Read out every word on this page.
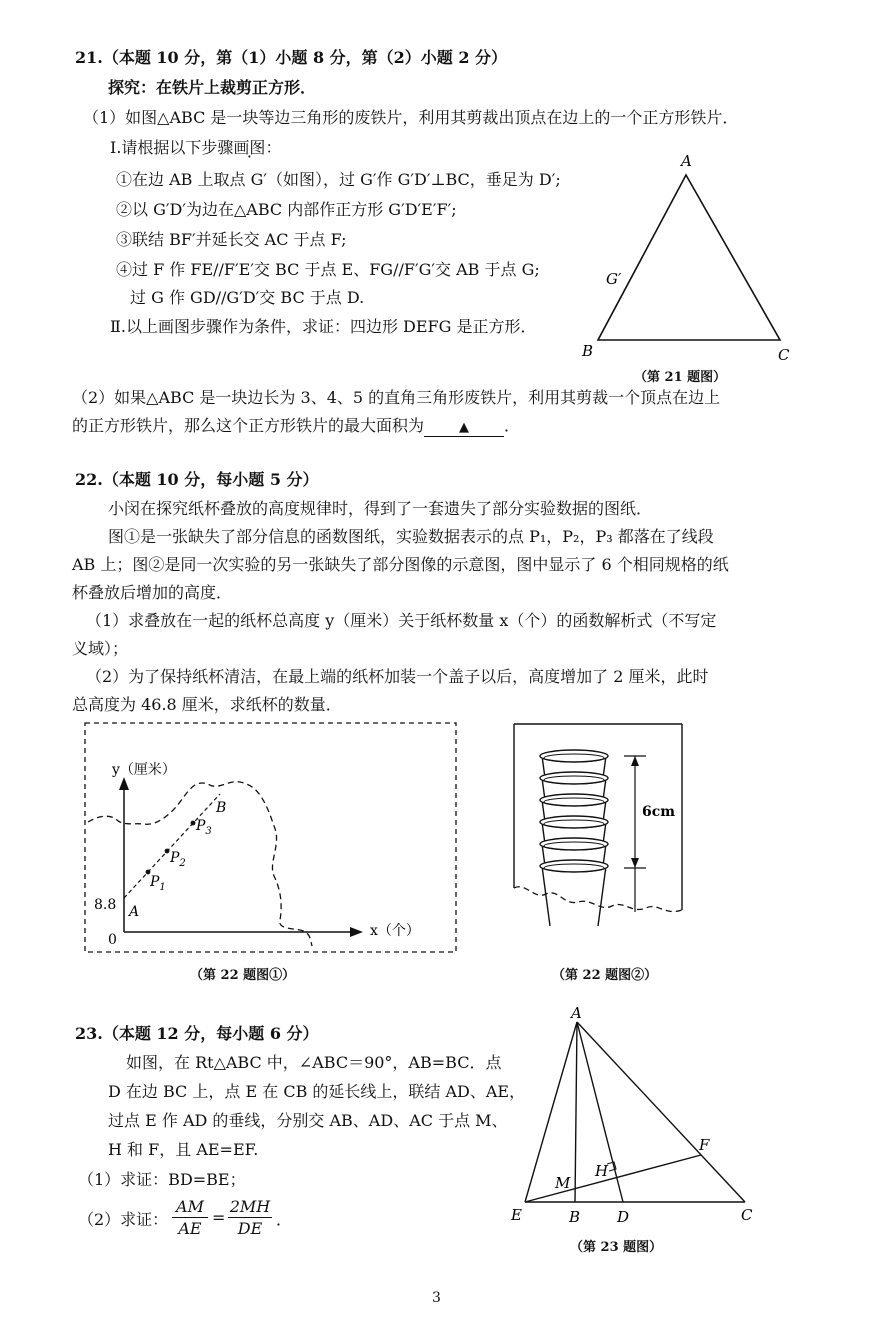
21.（本题 10 分，第（1）小题 8 分，第（2）小题 2 分）
探究：在铁片上裁剪正方形．
（1）如图△ABC 是一块等边三角形的废铁片，利用其剪裁出顶点在边上的一个正方形铁片．
Ⅰ.请根据以下步骤画图：
①在边 AB 上取点 G′（如图），过 G′作 G′D′⊥BC，垂足为 D′;
②以 G′D′为边在△ABC 内部作正方形 G′D′E′F′;
③联结 BF′并延长交 AC 于点 F;
④过 F 作 FE//F′E′交 BC 于点 E、FG//F′G′交 AB 于点 G;
过 G 作 GD//G′D′交 BC 于点 D.
Ⅱ.以上画图步骤作为条件，求证：四边形 DEFG 是正方形．
A
B	C
G′
（第 21 题图）
（2）如果△ABC 是一块边长为 3、4、5 的直角三角形废铁片，利用其剪裁一个顶点在边上
的正方形铁片，那么这个正方形铁片的最大面积为	▲ ．
22.（本题 10 分，每小题 5 分）
小闵在探究纸杯叠放的高度规律时，得到了一套遗失了部分实验数据的图纸．
图①是一张缺失了部分信息的函数图纸，实验数据表示的点 P₁，P₂，P₃ 都落在了线段
AB 上；图②是同一次实验的另一张缺失了部分图像的示意图，图中显示了 6 个相同规格的纸
杯叠放后增加的高度．
（1）求叠放在一起的纸杯总高度 y（厘米）关于纸杯数量 x（个）的函数解析式（不写定
义域）；
（2）为了保持纸杯清洁，在最上端的纸杯加装一个盖子以后，高度增加了 2 厘米，此时
总高度为 46.8 厘米，求纸杯的数量．
y（厘米）
x（个）
0
8.8 A
$P_1$
$P_2$
$P_3$
B
（第 22 题图①）
6cm
（第 22 题图②）
23.（本题 12 分，每小题 6 分）
如图，在 Rt△ABC 中，∠ABC＝90°，AB=BC．点
D 在边 BC 上，点 E 在 CB 的延长线上，联结 AD、AE，
过点 E 作 AD 的垂线，分别交 AB、AD、AC 于点 M、
H 和 F，且 AE=EF.
（1）求证：BD=BE；
（2）求证： $\frac{AM}{AE} = \frac{2MH}{DE}$ ．
A
E	B D	C
F
H
M
（第 23 题图）
3
